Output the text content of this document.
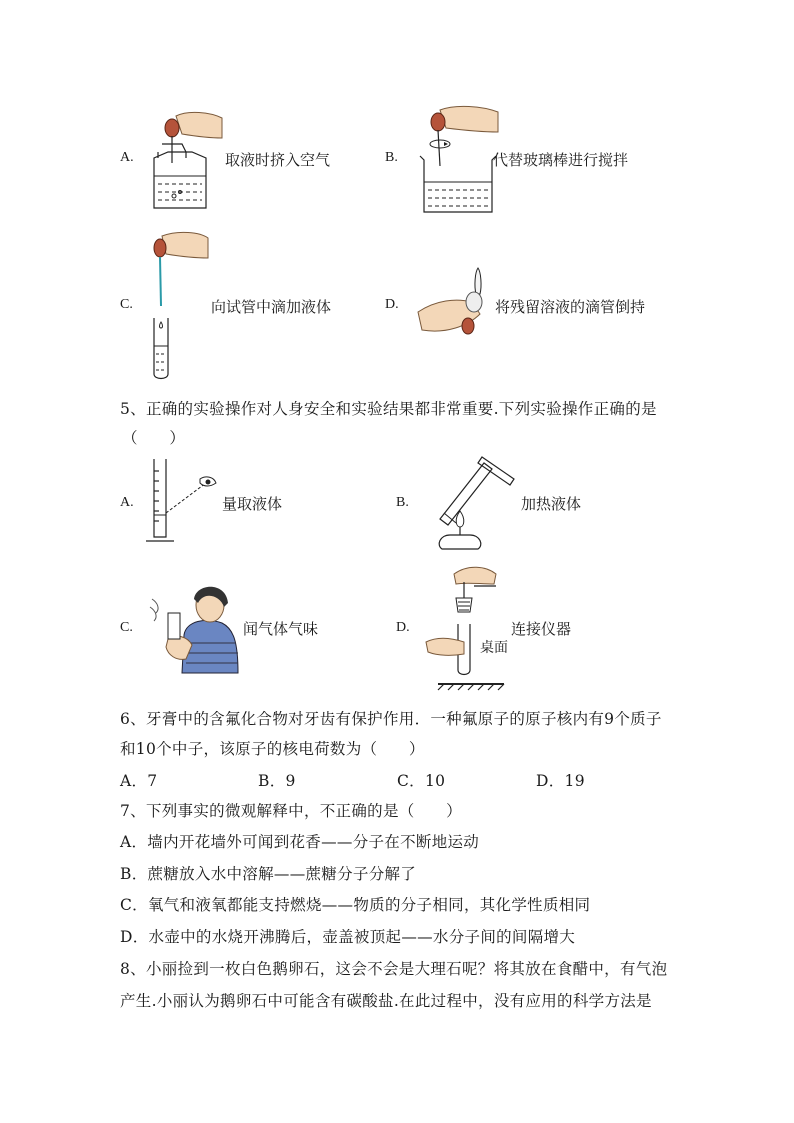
A.	取液时挤入空气	B.	代替玻璃棒进行搅拌
C.	向试管中滴加液体	D.	将残留溶液的滴管倒持
5、正确的实验操作对人身安全和实验结果都非常重要.下列实验操作正确的是
（　　）
A.	量取液体	B.	加热液体
C.	闻气体气味	D.
桌面
连接仪器
6、牙膏中的含氟化合物对牙齿有保护作用．一种氟原子的原子核内有9个质子
和10个中子，该原子的核电荷数为（　　）
A．7	B．9	C．10	D．19
7、下列事实的微观解释中，不正确的是（　　）
A．墙内开花墙外可闻到花香——分子在不断地运动
B．蔗糖放入水中溶解——蔗糖分子分解了
C．氧气和液氧都能支持燃烧——物质的分子相同，其化学性质相同
D．水壶中的水烧开沸腾后，壶盖被顶起——水分子间的间隔增大
8、小丽捡到一枚白色鹅卵石，这会不会是大理石呢？将其放在食醋中，有气泡
产生.小丽认为鹅卵石中可能含有碳酸盐.在此过程中，没有应用的科学方法是
